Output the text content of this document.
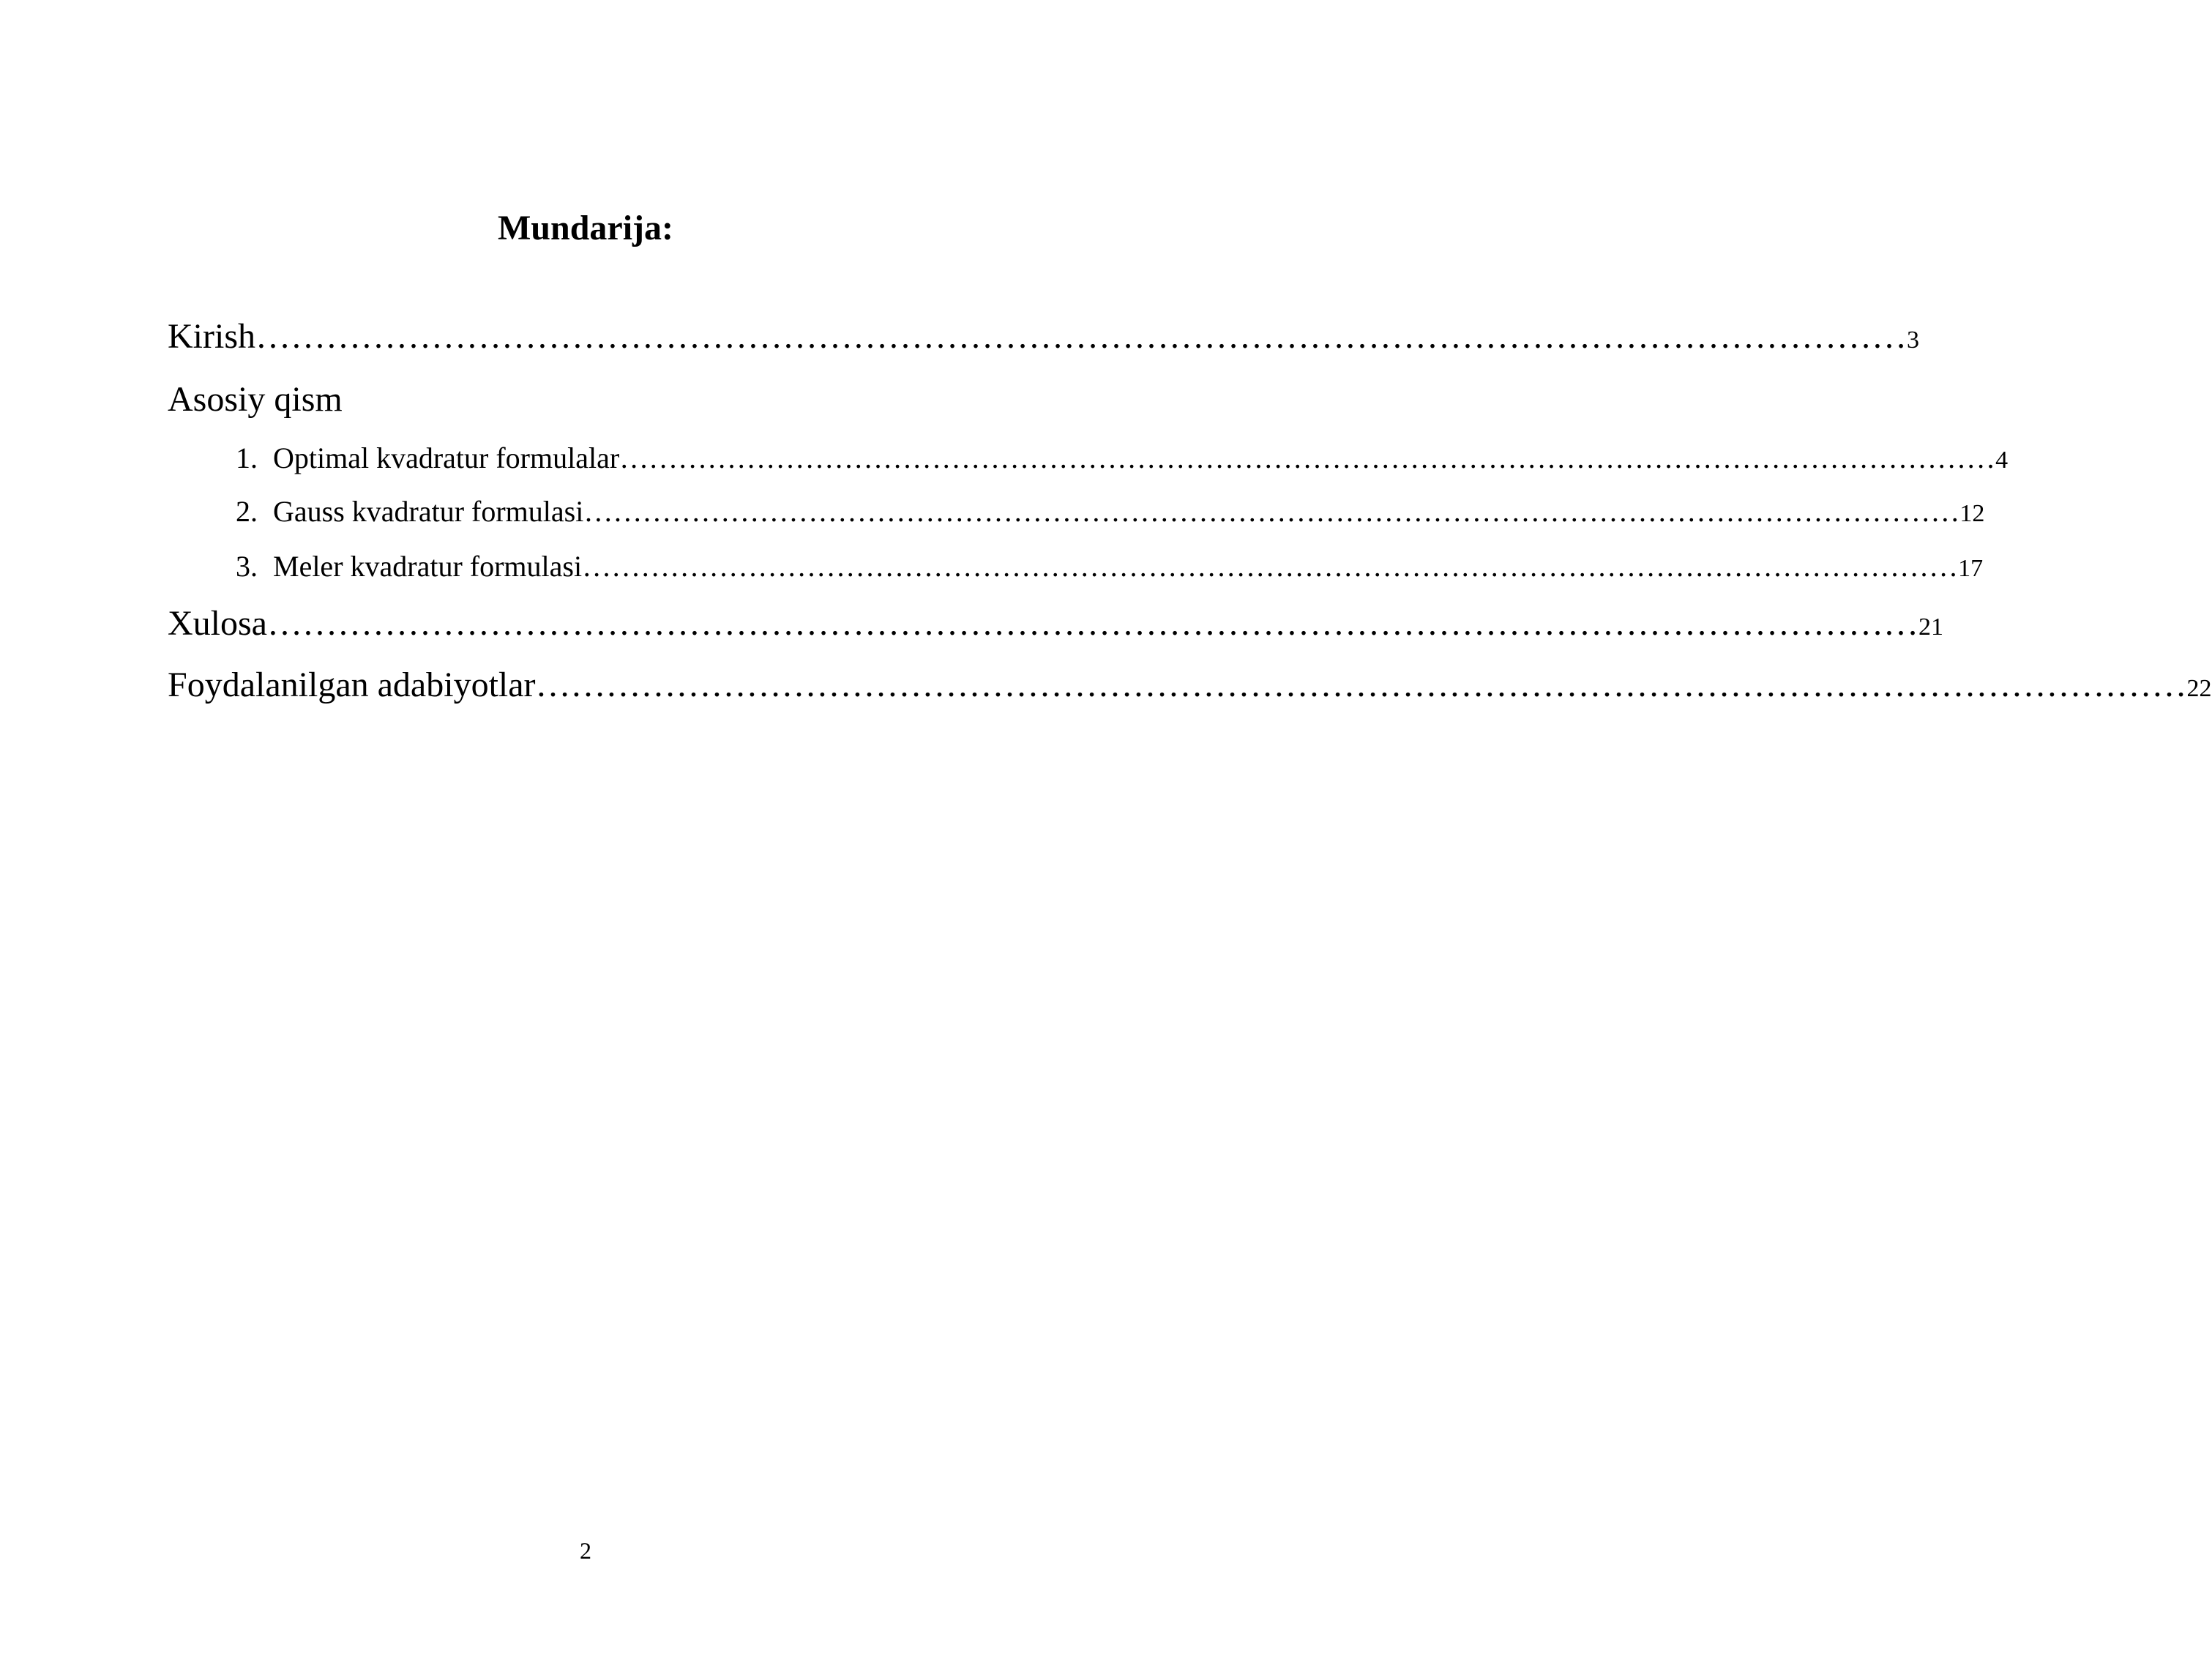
Mundarija:
Kirish …………………………………………………………………………………………………………………………… 3
Asosiy qism
1. Optimal kvadratur formulalar …………………………………………………………………………………………………………………………… 4
2. Gauss kvadratur formulasi …………………………………………………………………………………………………………………………… 12
3. Meler kvadratur formulasi …………………………………………………………………………………………………………………………… 17
Xulosa …………………………………………………………………………………………………………………………… 21
Foydalanilgan adabiyotlar …………………………………………………………………………………………………………………………… 22
2
